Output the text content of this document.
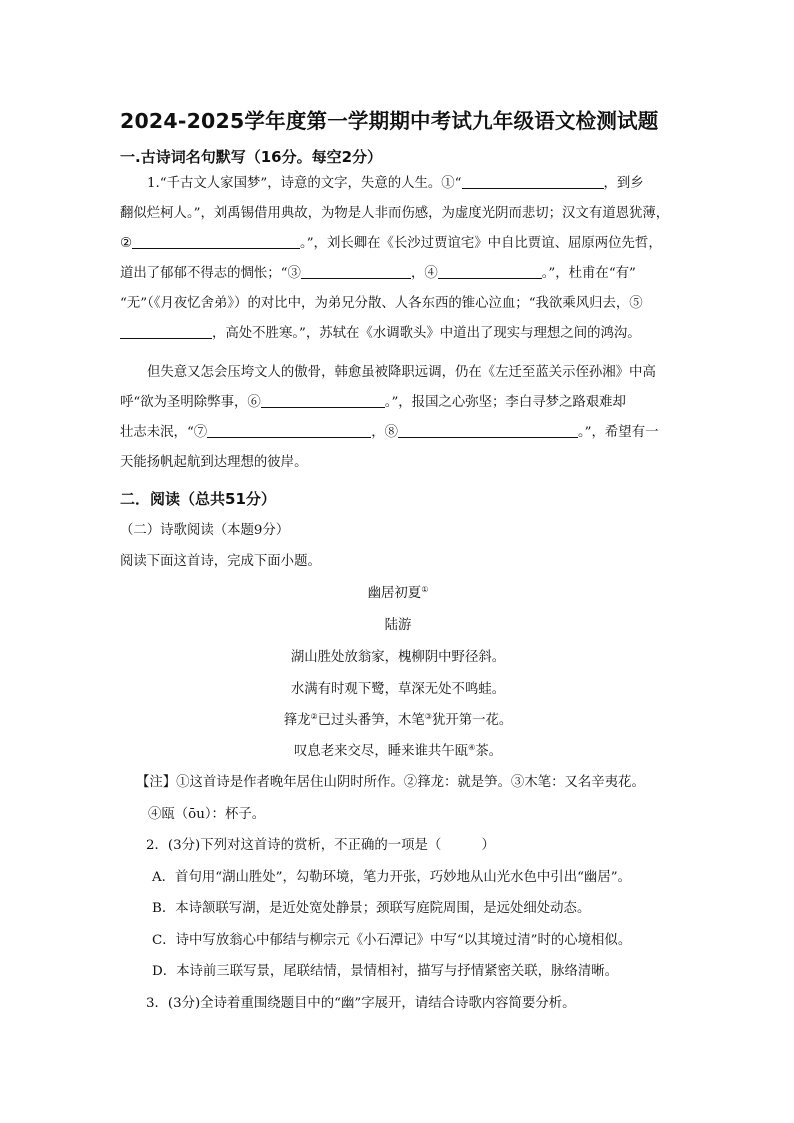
2024-2025学年度第一学期期中考试九年级语文检测试题
一.古诗词名句默写（16分。每空2分）
1.“千古文人家国梦”，诗意的文字，失意的人生。①“	，到乡
翻似烂柯人。”，刘禹锡借用典故，为物是人非而伤感，为虚度光阴而悲切；汉文有道恩犹薄，
②	。”，刘长卿在《长沙过贾谊宅》中自比贾谊、屈原两位先哲，
道出了郁郁不得志的惆怅；“③	，④	。”，杜甫在“有”
“无”（《月夜忆舍弟》）的对比中，为弟兄分散、人各东西的锥心泣血；“我欲乘风归去，⑤
，高处不胜寒。”，苏轼在《水调歌头》中道出了现实与理想之间的鸿沟。
但失意又怎会压垮文人的傲骨，韩愈虽被降职远调，仍在《左迁至蓝关示侄孙湘》中高
呼“欲为圣明除弊事，⑥	。”，报国之心弥坚；李白寻梦之路艰难却
壮志未泯，“⑦	，⑧	。”，希望有一
天能扬帆起航到达理想的彼岸。
二．阅读（总共51分）
（二）诗歌阅读（本题9分）
阅读下面这首诗，完成下面小题。
幽居初夏①
陆游
湖山胜处放翁家，槐柳阴中野径斜。
水满有时观下鹭，草深无处不鸣蛙。
箨龙②已过头番笋，木笔③犹开第一花。
叹息老来交尽，睡来谁共午瓯④茶。
【注】①这首诗是作者晚年居住山阴时所作。②箨龙：就是笋。③木笔：又名辛夷花。
④瓯（ōu）：杯子。
2．(3分)下列对这首诗的赏析，不正确的一项是（　　　）
A．首句用“湖山胜处”，勾勒环境，笔力开张，巧妙地从山光水色中引出“幽居”。
B．本诗颔联写湖，是近处宽处静景；颈联写庭院周围，是远处细处动态。
C．诗中写放翁心中郁结与柳宗元《小石潭记》中写“以其境过清”时的心境相似。
D．本诗前三联写景，尾联结情，景情相衬，描写与抒情紧密关联，脉络清晰。
3．(3分)全诗着重围绕题目中的“幽”字展开，请结合诗歌内容简要分析。
